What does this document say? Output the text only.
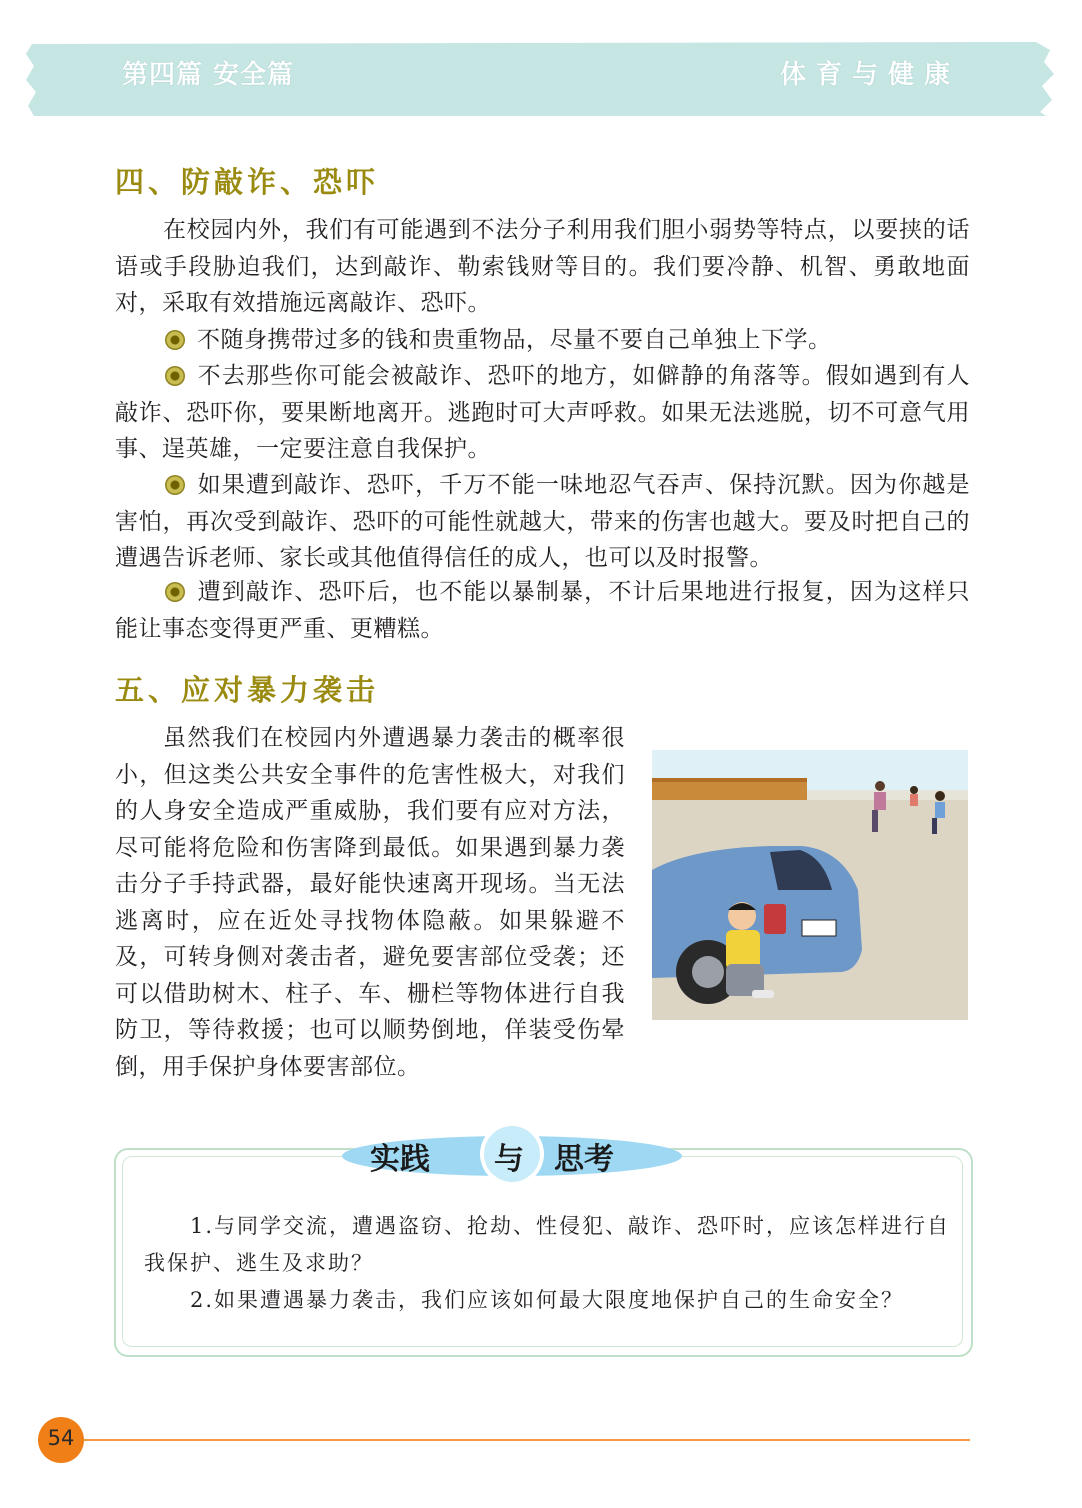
第四篇 安全篇	体育与健康
四、防敲诈、恐吓

在校园内外，我们有可能遇到不法分子利用我们胆小弱势等特点，以要挟的话语或手段胁迫我们，达到敲诈、勒索钱财等目的。我们要冷静、机智、勇敢地面对，采取有效措施远离敲诈、恐吓。

不随身携带过多的钱和贵重物品，尽量不要自己单独上下学。

不去那些你可能会被敲诈、恐吓的地方，如僻静的角落等。假如遇到有人敲诈、恐吓你，要果断地离开。逃跑时可大声呼救。如果无法逃脱，切不可意气用事、逞英雄，一定要注意自我保护。

如果遭到敲诈、恐吓，千万不能一味地忍气吞声、保持沉默。因为你越是害怕，再次受到敲诈、恐吓的可能性就越大，带来的伤害也越大。要及时把自己的遭遇告诉老师、家长或其他值得信任的成人，也可以及时报警。

遭到敲诈、恐吓后，也不能以暴制暴，不计后果地进行报复，因为这样只能让事态变得更严重、更糟糕。

五、应对暴力袭击

虽然我们在校园内外遭遇暴力袭击的概率很小，但这类公共安全事件的危害性极大，对我们的人身安全造成严重威胁，我们要有应对方法，尽可能将危险和伤害降到最低。如果遇到暴力袭击分子手持武器，最好能快速离开现场。当无法逃离时，应在近处寻找物体隐蔽。如果躲避不及，可转身侧对袭击者，避免要害部位受袭；还可以借助树木、柱子、车、栅栏等物体进行自我防卫，等待救援；也可以顺势倒地，佯装受伤晕倒，用手保护身体要害部位。

实践 与 思考

1.与同学交流，遭遇盗窃、抢劫、性侵犯、敲诈、恐吓时，应该怎样进行自我保护、逃生及求助？

2.如果遭遇暴力袭击，我们应该如何最大限度地保护自己的生命安全？

54
